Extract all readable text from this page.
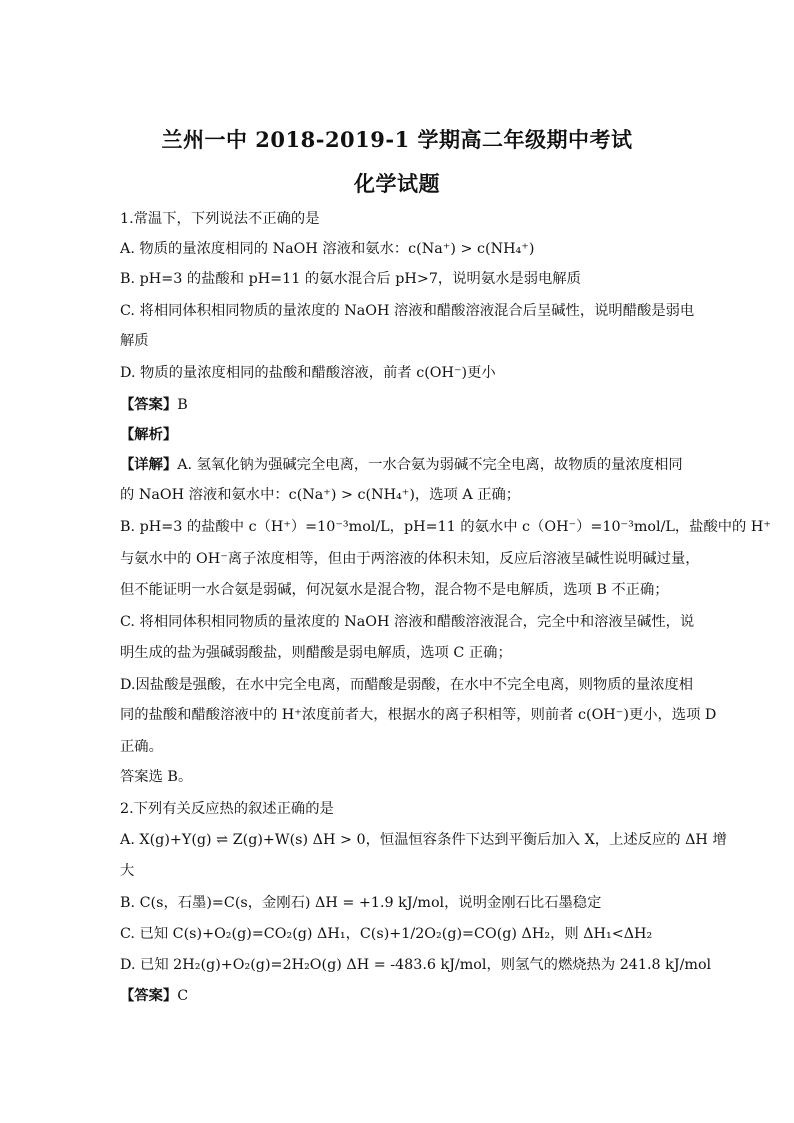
兰州一中 2018-2019-1 学期高二年级期中考试
化学试题
1.常温下，下列说法不正确的是
A. 物质的量浓度相同的 NaOH 溶液和氨水：c(Na⁺) > c(NH₄⁺)
B. pH=3 的盐酸和 pH=11 的氨水混合后 pH>7，说明氨水是弱电解质
C. 将相同体积相同物质的量浓度的 NaOH 溶液和醋酸溶液混合后呈碱性，说明醋酸是弱电
解质
D. 物质的量浓度相同的盐酸和醋酸溶液，前者 c(OH⁻)更小
【答案】B
【解析】
【详解】A. 氢氧化钠为强碱完全电离，一水合氨为弱碱不完全电离，故物质的量浓度相同
的 NaOH 溶液和氨水中：c(Na⁺) > c(NH₄⁺)，选项 A 正确；
B. pH=3 的盐酸中 c（H⁺）=10⁻³mol/L，pH=11 的氨水中 c（OH⁻）=10⁻³mol/L，盐酸中的 H⁺
与氨水中的 OH⁻离子浓度相等，但由于两溶液的体积未知，反应后溶液呈碱性说明碱过量，
但不能证明一水合氨是弱碱，何况氨水是混合物，混合物不是电解质，选项 B 不正确；
C. 将相同体积相同物质的量浓度的 NaOH 溶液和醋酸溶液混合，完全中和溶液呈碱性，说
明生成的盐为强碱弱酸盐，则醋酸是弱电解质，选项 C 正确；
D.因盐酸是强酸，在水中完全电离，而醋酸是弱酸，在水中不完全电离，则物质的量浓度相
同的盐酸和醋酸溶液中的 H⁺浓度前者大，根据水的离子积相等，则前者 c(OH⁻)更小，选项 D
正确。
答案选 B。
2.下列有关反应热的叙述正确的是
A. X(g)+Y(g) ⇌ Z(g)+W(s) ΔH > 0，恒温恒容条件下达到平衡后加入 X，上述反应的 ΔH 增
大
B. C(s，石墨)=C(s，金刚石) ΔH = +1.9 kJ/mol，说明金刚石比石墨稳定
C. 已知 C(s)+O₂(g)=CO₂(g) ΔH₁，C(s)+1/2O₂(g)=CO(g) ΔH₂，则 ΔH₁<ΔH₂
D. 已知 2H₂(g)+O₂(g)=2H₂O(g) ΔH = -483.6 kJ/mol，则氢气的燃烧热为 241.8 kJ/mol
【答案】C
